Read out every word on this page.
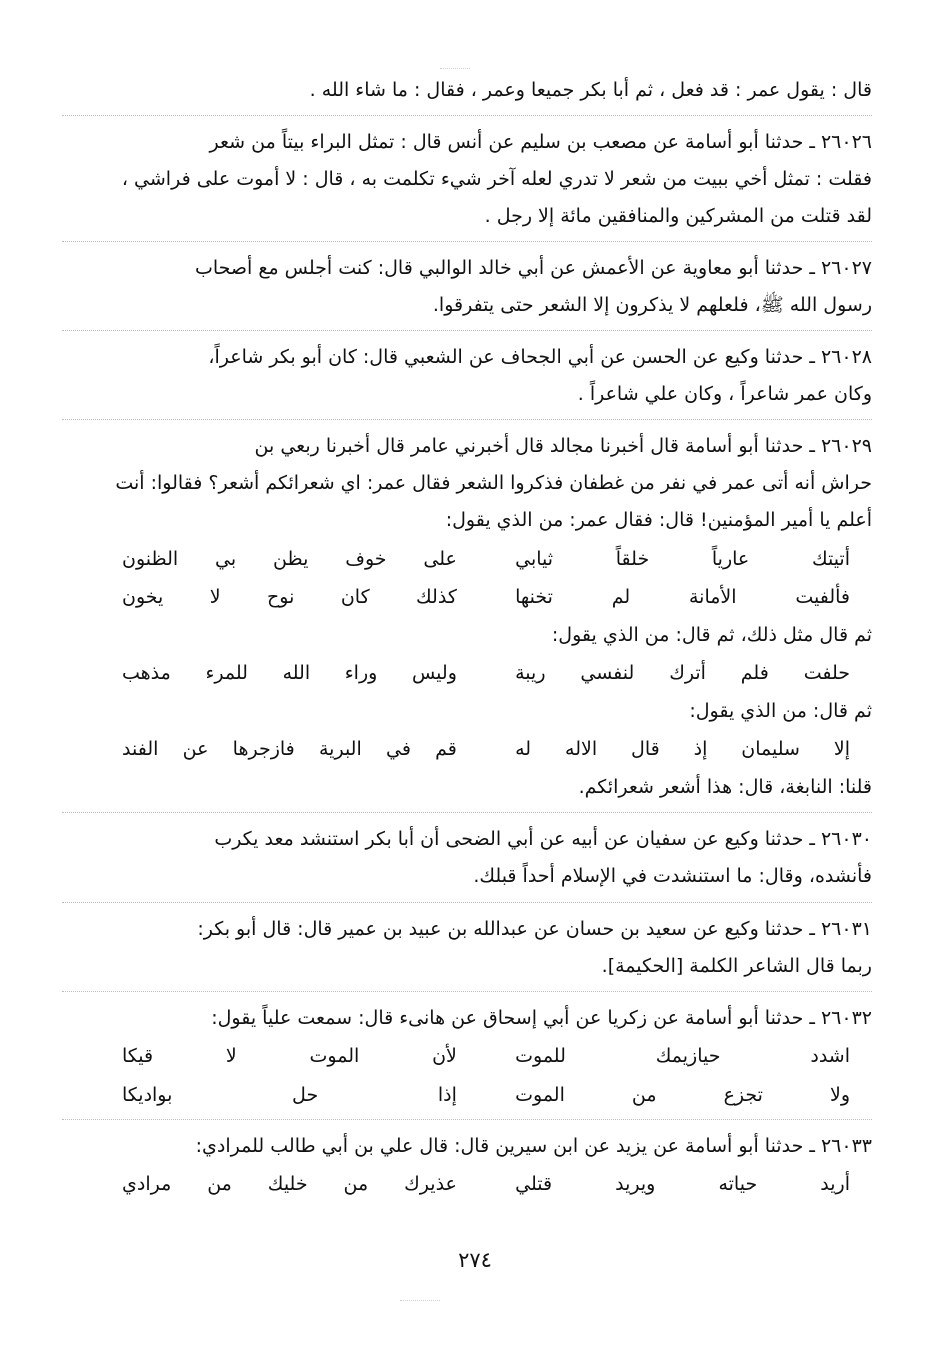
قال : يقول عمر : قد فعل ، ثم أبا بكر جميعا وعمر ، فقال : ما شاء الله .
٢٦٠٢٦ ـ حدثنا أبو أسامة عن مصعب بن سليم عن أنس قال : تمثل البراء بيتاً من شعر
فقلت : تمثل أخي ببيت من شعر لا تدري لعله آخر شيء تكلمت به ، قال : لا أموت على فراشي ،
لقد قتلت من المشركين والمنافقين مائة إلا رجل .
٢٦٠٢٧ ـ حدثنا أبو معاوية عن الأعمش عن أبي خالد الوالبي قال: كنت أجلس مع أصحاب
رسول الله ﷺ، فلعلهم لا يذكرون إلا الشعر حتى يتفرقوا.
٢٦٠٢٨ ـ حدثنا وكيع عن الحسن عن أبي الجحاف عن الشعبي قال: كان أبو بكر شاعراً،
وكان عمر شاعراً ، وكان علي شاعراً .
٢٦٠٢٩ ـ حدثنا أبو أسامة قال أخبرنا مجالد قال أخبرني عامر قال أخبرنا ربعي بن
حراش أنه أتى عمر في نفر من غطفان فذكروا الشعر فقال عمر: اي شعرائكم أشعر؟ فقالوا: أنت
أعلم يا أمير المؤمنين! قال: فقال عمر: من الذي يقول:
أتيتك عارياً خلقاً ثيابي
على خوف يظن بي الظنون
فألفيت الأمانة لم تخنها
كذلك كان نوح لا يخون
ثم قال مثل ذلك، ثم قال: من الذي يقول:
حلفت فلم أترك لنفسي ريبة
وليس وراء الله للمرء مذهب
ثم قال: من الذي يقول:
إلا سليمان إذ قال الاله له
قم في البرية فازجرها عن الفند
قلنا: النابغة، قال: هذا أشعر شعرائكم.
٢٦٠٣٠ ـ حدثنا وكيع عن سفيان عن أبيه عن أبي الضحى أن أبا بكر استنشد معد يكرب
فأنشده، وقال: ما استنشدت في الإسلام أحداً قبلك.
٢٦٠٣١ ـ حدثنا وكيع عن سعيد بن حسان عن عبدالله بن عبيد بن عمير قال: قال أبو بكر:
ربما قال الشاعر الكلمة [الحكيمة].
٢٦٠٣٢ ـ حدثنا أبو أسامة عن زكريا عن أبي إسحاق عن هانىء قال: سمعت علياً يقول:
اشدد حيازيمك للموت
لأن الموت لا قيكا
ولا تجزع من الموت
إذا حل بواديكا
٢٦٠٣٣ ـ حدثنا أبو أسامة عن يزيد عن ابن سيرين قال: قال علي بن أبي طالب للمرادي:
أريد حياته ويريد قتلي
عذيرك من خليك من مرادي
٢٧٤
